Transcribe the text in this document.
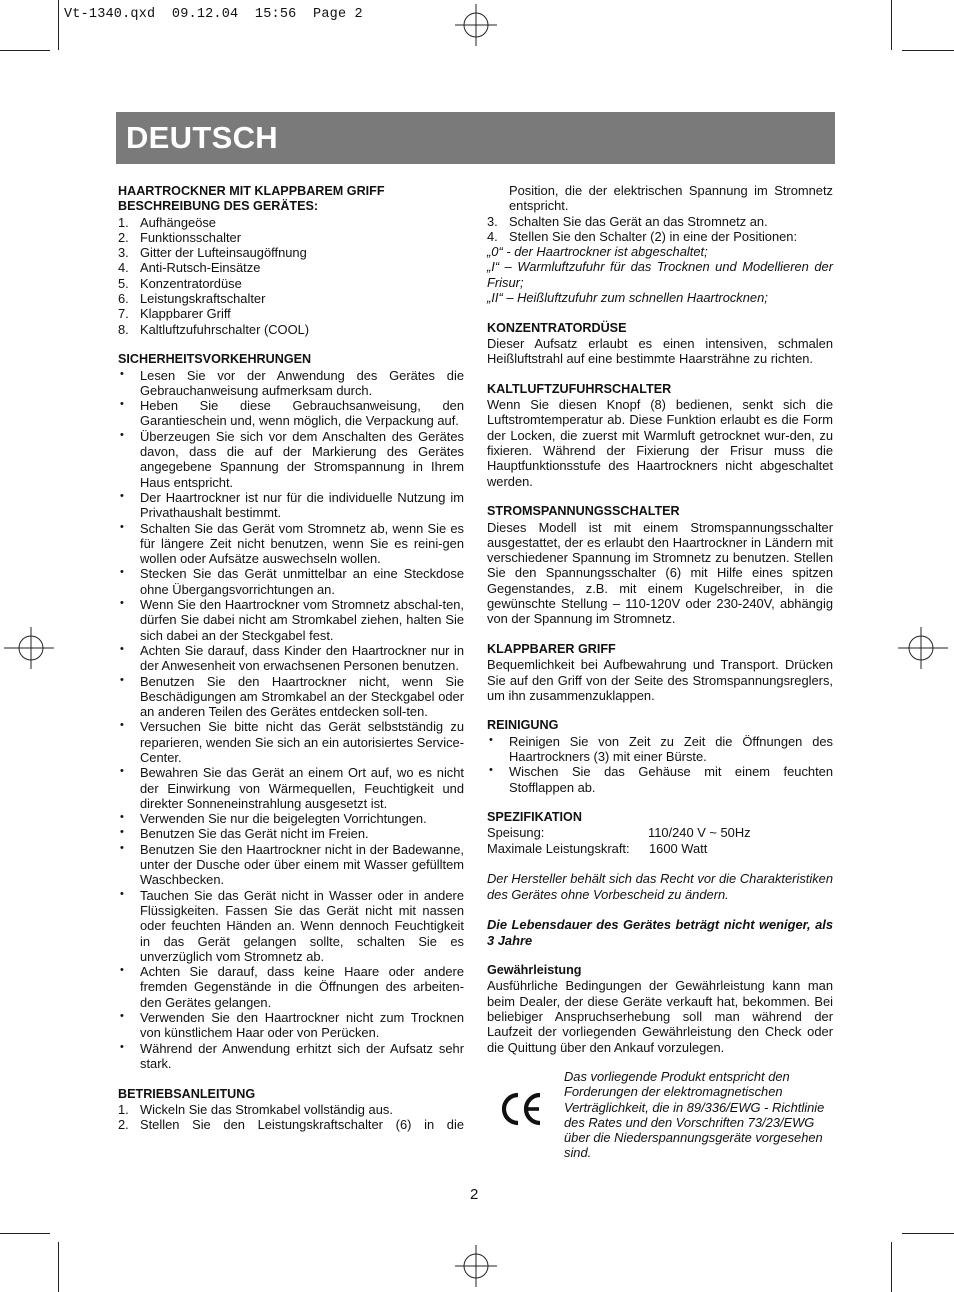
Vt-1340.qxd  09.12.04  15:56  Page 2
DEUTSCH
HAARTROCKNER MIT KLAPPBAREM GRIFF
BESCHREIBUNG DES GERÄTES:
1. Aufhängeöse
2. Funktionsschalter
3. Gitter der Lufteinsaugöffnung
4. Anti-Rutsch-Einsätze
5. Konzentratordüse
6. Leistungskraftschalter
7. Klappbarer Griff
8. Kaltluftzufuhrschalter (COOL)
SICHERHEITSVORKEHRUNGEN
• Lesen Sie vor der Anwendung des Gerätes die Gebrauchanweisung aufmerksam durch.
• Heben Sie diese Gebrauchsanweisung, den Garantieschein und, wenn möglich, die Verpackung auf.
• Überzeugen Sie sich vor dem Anschalten des Gerätes davon, dass die auf der Markierung des Gerätes angegebene Spannung der Stromspannung in Ihrem Haus entspricht.
• Der Haartrockner ist nur für die individuelle Nutzung im Privathaushalt bestimmt.
• Schalten Sie das Gerät vom Stromnetz ab, wenn Sie es für längere Zeit nicht benutzen, wenn Sie es reini-gen wollen oder Aufsätze auswechseln wollen.
• Stecken Sie das Gerät unmittelbar an eine Steckdose ohne Übergangsvorrichtungen an.
• Wenn Sie den Haartrockner vom Stromnetz abschal-ten, dürfen Sie dabei nicht am Stromkabel ziehen, halten Sie sich dabei an der Steckgabel fest.
• Achten Sie darauf, dass Kinder den Haartrockner nur in der Anwesenheit von erwachsenen Personen benutzen.
• Benutzen Sie den Haartrockner nicht, wenn Sie Beschädigungen am Stromkabel an der Steckgabel oder an anderen Teilen des Gerätes entdecken soll-ten.
• Versuchen Sie bitte nicht das Gerät selbstständig zu reparieren, wenden Sie sich an ein autorisiertes Service-Center.
• Bewahren Sie das Gerät an einem Ort auf, wo es nicht der Einwirkung von Wärmequellen, Feuchtigkeit und direkter Sonneneinstrahlung ausgesetzt ist.
• Verwenden Sie nur die beigelegten Vorrichtungen.
• Benutzen Sie das Gerät nicht im Freien.
• Benutzen Sie den Haartrockner nicht in der Badewanne, unter der Dusche oder über einem mit Wasser gefülltem Waschbecken.
• Tauchen Sie das Gerät nicht in Wasser oder in andere Flüssigkeiten. Fassen Sie das Gerät nicht mit nassen oder feuchten Händen an. Wenn dennoch Feuchtigkeit in das Gerät gelangen sollte, schalten Sie es unverzüglich vom Stromnetz ab.
• Achten Sie darauf, dass keine Haare oder andere fremden Gegenstände in die Öffnungen des arbeiten-den Gerätes gelangen.
• Verwenden Sie den Haartrockner nicht zum Trocknen von künstlichem Haar oder von Perücken.
• Während der Anwendung erhitzt sich der Aufsatz sehr stark.
BETRIEBSANLEITUNG
1. Wickeln Sie das Stromkabel vollständig aus.
2. Stellen Sie den Leistungskraftschalter (6) in die
Position, die der elektrischen Spannung im Stromnetz entspricht.
3. Schalten Sie das Gerät an das Stromnetz an.
4. Stellen Sie den Schalter (2) in eine der Positionen:
„0“ - der Haartrockner ist abgeschaltet;
„I“ – Warmluftzufuhr für das Trocknen und Modellieren der Frisur;
„II“ – Heißluftzufuhr zum schnellen Haartrocknen;
KONZENTRATORDÜSE
Dieser Aufsatz erlaubt es einen intensiven, schmalen Heißluftstrahl auf eine bestimmte Haarsträhne zu richten.
KALTLUFTZUFUHRSCHALTER
Wenn Sie diesen Knopf (8) bedienen, senkt sich die Luftstromtemperatur ab. Diese Funktion erlaubt es die Form der Locken, die zuerst mit Warmluft getrocknet wur-den, zu fixieren. Während der Fixierung der Frisur muss die Hauptfunktionsstufe des Haartrockners nicht abgeschaltet werden.
STROMSPANNUNGSSCHALTER
Dieses Modell ist mit einem Stromspannungsschalter ausgestattet, der es erlaubt den Haartrockner in Ländern mit verschiedener Spannung im Stromnetz zu benutzen. Stellen Sie den Spannungsschalter (6) mit Hilfe eines spitzen Gegenstandes, z.B. mit einem Kugelschreiber, in die gewünschte Stellung – 110-120V oder 230-240V, abhängig von der Spannung im Stromnetz.
KLAPPBARER GRIFF
Bequemlichkeit bei Aufbewahrung und Transport. Drücken Sie auf den Griff von der Seite des Stromspannungsreglers, um ihn zusammenzuklappen.
REINIGUNG
• Reinigen Sie von Zeit zu Zeit die Öffnungen des Haartrockners (3) mit einer Bürste.
• Wischen Sie das Gehäuse mit einem feuchten Stofflappen ab.
SPEZIFIKATION
Speisung:	110/240 V ~ 50Hz
Maximale Leistungskraft:	1600 Watt
Der Hersteller behält sich das Recht vor die Charakteristiken des Gerätes ohne Vorbescheid zu ändern.
Die Lebensdauer des Gerätes beträgt nicht weniger, als 3 Jahre
Gewährleistung
Ausführliche Bedingungen der Gewährleistung kann man beim Dealer, der diese Geräte verkauft hat, bekommen. Bei beliebiger Anspruchserhebung soll man während der Laufzeit der vorliegenden Gewährleistung den Check oder die Quittung über den Ankauf vorzulegen.
Das vorliegende Produkt entspricht den Forderungen der elektromagnetischen Verträglichkeit, die in 89/336/EWG - Richtlinie des Rates und den Vorschriften 73/23/EWG über die Niederspannungsgeräte vorgesehen sind.
2
